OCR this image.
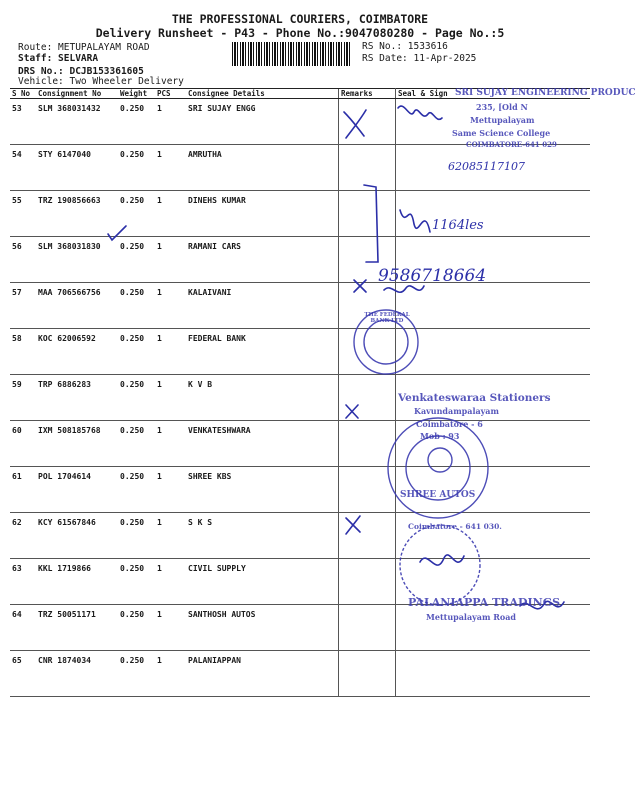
THE PROFESSIONAL COURIERS, COIMBATORE
Delivery Runsheet - P43 - Phone No.:9047080280 - Page No.:5
Route: METUPALAYAM ROAD
Staff: SELVARA
DRS No.: DCJB153361605
Vehicle: Two Wheeler Delivery
RS No.: 1533616
RS Date: 11-Apr-2025
S No	Consignment No	Weight	PCS	Consignee Details	Remarks	Seal & Sign
53	SLM 368031432	0.250	1	SRI SUJAY ENGG		
54	STY 6147040	0.250	1	AMRUTHA		
55	TRZ 190856663	0.250	1	DINEHS KUMAR		
56	SLM 368031830	0.250	1	RAMANI CARS		
57	MAA 706566756	0.250	1	KALAIVANI		
58	KOC 62006592	0.250	1	FEDERAL BANK		
59	TRP 6886283	0.250	1	K V B		
60	IXM 508185768	0.250	1	VENKATESHWARA		
61	POL 1704614	0.250	1	SHREE KBS		
62	KCY 61567846	0.250	1	S K S		
63	KKL 1719866	0.250	1	CIVIL SUPPLY		
64	TRZ 50051171	0.250	1	SANTHOSH AUTOS		
65	CNR 1874034	0.250	1	PALANIAPPAN		
9586718664
62085117107
1164les
SRI SUJAY ENGINEERING PRODUC
235, [Old N
Mettupalayam
Same Science College
COIMBATORE-641 029
THE FEDERAL BANK LTD
Venkateswaraa Stationers
Kavundampalayam
Coimbatore - 6
Mob : 93
SHREE AUTOS
Coimbatore - 641 030.
PALANIAPPA TRADINGS
Mettupalayam Road
